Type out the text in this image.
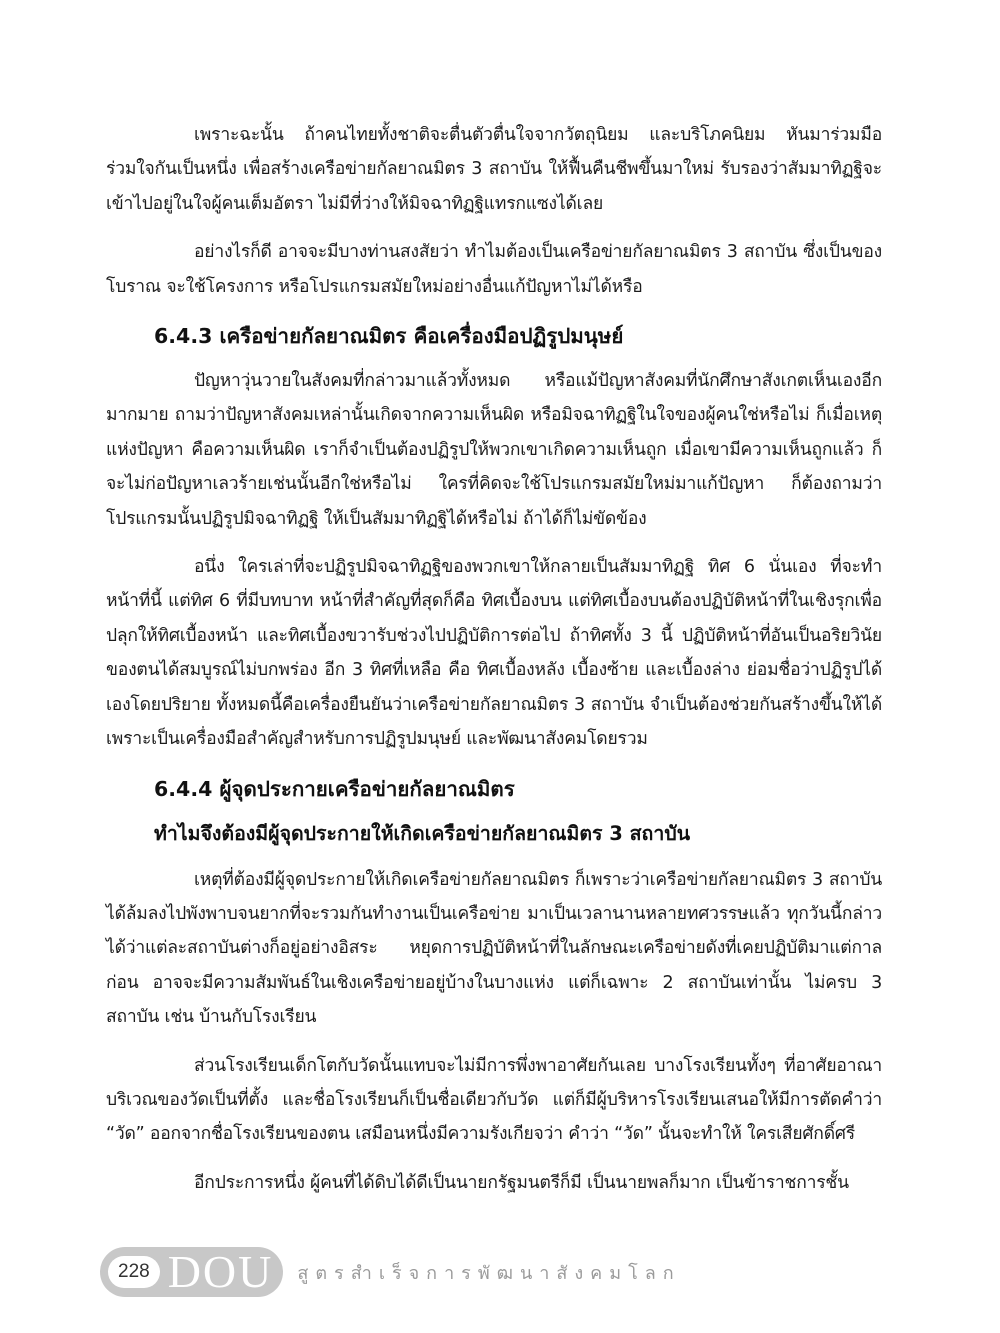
เพราะฉะนั้น ถ้าคนไทยทั้งชาติจะตื่นตัวตื่นใจจากวัตถุนิยม และบริโภคนิยม หันมาร่วมมือร่วมใจกันเป็นหนึ่ง เพื่อสร้างเครือข่ายกัลยาณมิตร 3 สถาบัน ให้ฟื้นคืนชีพขึ้นมาใหม่ รับรองว่าสัมมาทิฏฐิจะเข้าไปอยู่ในใจผู้คนเต็มอัตรา ไม่มีที่ว่างให้มิจฉาทิฏฐิแทรกแซงได้เลย

อย่างไรก็ดี อาจจะมีบางท่านสงสัยว่า ทำไมต้องเป็นเครือข่ายกัลยาณมิตร 3 สถาบัน ซึ่งเป็นของโบราณ จะใช้โครงการ หรือโปรแกรมสมัยใหม่อย่างอื่นแก้ปัญหาไม่ได้หรือ

6.4.3 เครือข่ายกัลยาณมิตร คือเครื่องมือปฏิรูปมนุษย์

ปัญหาวุ่นวายในสังคมที่กล่าวมาแล้วทั้งหมด หรือแม้ปัญหาสังคมที่นักศึกษาสังเกตเห็นเองอีกมากมาย ถามว่าปัญหาสังคมเหล่านั้นเกิดจากความเห็นผิด หรือมิจฉาทิฏฐิในใจของผู้คนใช่หรือไม่ ก็เมื่อเหตุแห่งปัญหา คือความเห็นผิด เราก็จำเป็นต้องปฏิรูปให้พวกเขาเกิดความเห็นถูก เมื่อเขามีความเห็นถูกแล้ว ก็จะไม่ก่อปัญหาเลวร้ายเช่นนั้นอีกใช่หรือไม่ ใครที่คิดจะใช้โปรแกรมสมัยใหม่มาแก้ปัญหา ก็ต้องถามว่าโปรแกรมนั้นปฏิรูปมิจฉาทิฏฐิ ให้เป็นสัมมาทิฏฐิได้หรือไม่ ถ้าได้ก็ไม่ขัดข้อง

อนึ่ง ใครเล่าที่จะปฏิรูปมิจฉาทิฏฐิของพวกเขาให้กลายเป็นสัมมาทิฏฐิ ทิศ 6 นั่นเอง ที่จะทำหน้าที่นี้ แต่ทิศ 6 ที่มีบทบาท หน้าที่สำคัญที่สุดก็คือ ทิศเบื้องบน แต่ทิศเบื้องบนต้องปฏิบัติหน้าที่ในเชิงรุกเพื่อปลุกให้ทิศเบื้องหน้า และทิศเบื้องขวารับช่วงไปปฏิบัติการต่อไป ถ้าทิศทั้ง 3 นี้ ปฏิบัติหน้าที่อันเป็นอริยวินัยของตนได้สมบูรณ์ไม่บกพร่อง อีก 3 ทิศที่เหลือ คือ ทิศเบื้องหลัง เบื้องซ้าย และเบื้องล่าง ย่อมชื่อว่าปฏิรูปได้เองโดยปริยาย ทั้งหมดนี้คือเครื่องยืนยันว่าเครือข่ายกัลยาณมิตร 3 สถาบัน จำเป็นต้องช่วยกันสร้างขึ้นให้ได้ เพราะเป็นเครื่องมือสำคัญสำหรับการปฏิรูปมนุษย์ และพัฒนาสังคมโดยรวม

6.4.4 ผู้จุดประกายเครือข่ายกัลยาณมิตร
ทำไมจึงต้องมีผู้จุดประกายให้เกิดเครือข่ายกัลยาณมิตร 3 สถาบัน

เหตุที่ต้องมีผู้จุดประกายให้เกิดเครือข่ายกัลยาณมิตร ก็เพราะว่าเครือข่ายกัลยาณมิตร 3 สถาบันได้ล้มลงไปพังพาบจนยากที่จะรวมกันทำงานเป็นเครือข่าย มาเป็นเวลานานหลายทศวรรษแล้ว ทุกวันนี้กล่าวได้ว่าแต่ละสถาบันต่างก็อยู่อย่างอิสระ หยุดการปฏิบัติหน้าที่ในลักษณะเครือข่ายดังที่เคยปฏิบัติมาแต่กาลก่อน อาจจะมีความสัมพันธ์ในเชิงเครือข่ายอยู่บ้างในบางแห่ง แต่ก็เฉพาะ 2 สถาบันเท่านั้น ไม่ครบ 3 สถาบัน เช่น บ้านกับโรงเรียน

ส่วนโรงเรียนเด็กโตกับวัดนั้นแทบจะไม่มีการพึ่งพาอาศัยกันเลย บางโรงเรียนทั้งๆ ที่อาศัยอาณาบริเวณของวัดเป็นที่ตั้ง และชื่อโรงเรียนก็เป็นชื่อเดียวกับวัด แต่ก็มีผู้บริหารโรงเรียนเสนอให้มีการตัดคำว่า “วัด” ออกจากชื่อโรงเรียนของตน เสมือนหนึ่งมีความรังเกียจว่า คำว่า “วัด” นั้นจะทำให้ ใครเสียศักดิ์ศรี

อีกประการหนึ่ง ผู้คนที่ได้ดิบได้ดีเป็นนายกรัฐมนตรีก็มี เป็นนายพลก็มาก เป็นข้าราชการชั้น

228 DOU สูตรสำเร็จการพัฒนาสังคมโลก
